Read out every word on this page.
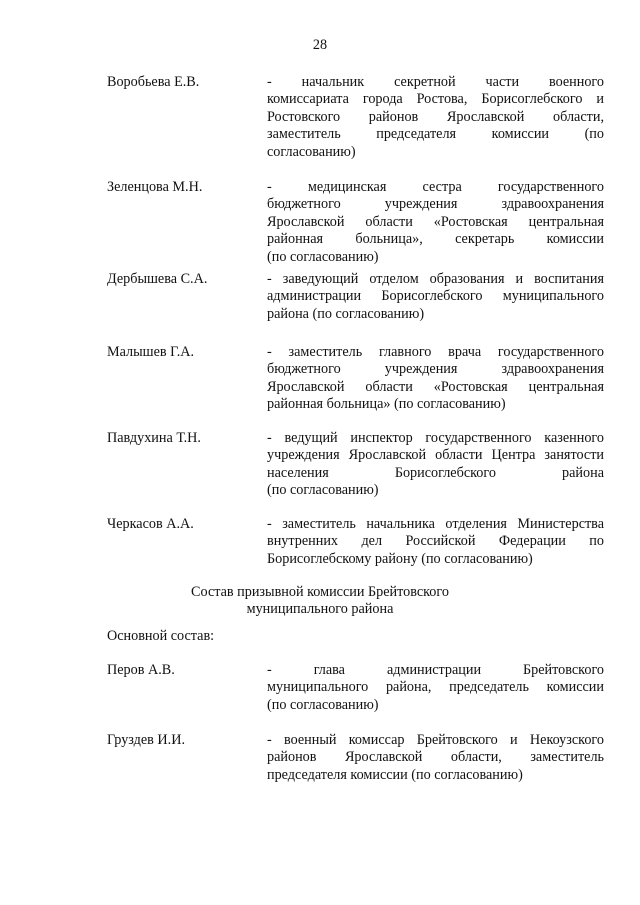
28
Воробьева Е.В.	- начальник секретной части военного
комиссариата города Ростова, Борисоглебского и
Ростовского районов Ярославской области,
заместитель председателя комиссии (по
согласованию)
Зеленцова М.Н.	- медицинская сестра государственного
бюджетного учреждения здравоохранения
Ярославской области «Ростовская центральная
районная больница», секретарь комиссии
(по согласованию)
Дербышева С.А.	- заведующий отделом образования и воспитания
администрации Борисоглебского муниципального
района (по согласованию)
Малышев Г.А.	- заместитель главного врача государственного
бюджетного учреждения здравоохранения
Ярославской области «Ростовская центральная
районная больница» (по согласованию)
Павдухина Т.Н.	- ведущий инспектор государственного казенного
учреждения Ярославской области Центра занятости
населения Борисоглебского района
(по согласованию)
Черкасов А.А.	- заместитель начальника отделения Министерства
внутренних дел Российской Федерации по
Борисоглебскому району (по согласованию)
Состав призывной комиссии Брейтовского
муниципального района
Основной состав:
Перов А.В.	- глава администрации Брейтовского
муниципального района, председатель комиссии
(по согласованию)
Груздев И.И.	- военный комиссар Брейтовского и Некоузского
районов Ярославской области, заместитель
председателя комиссии (по согласованию)
